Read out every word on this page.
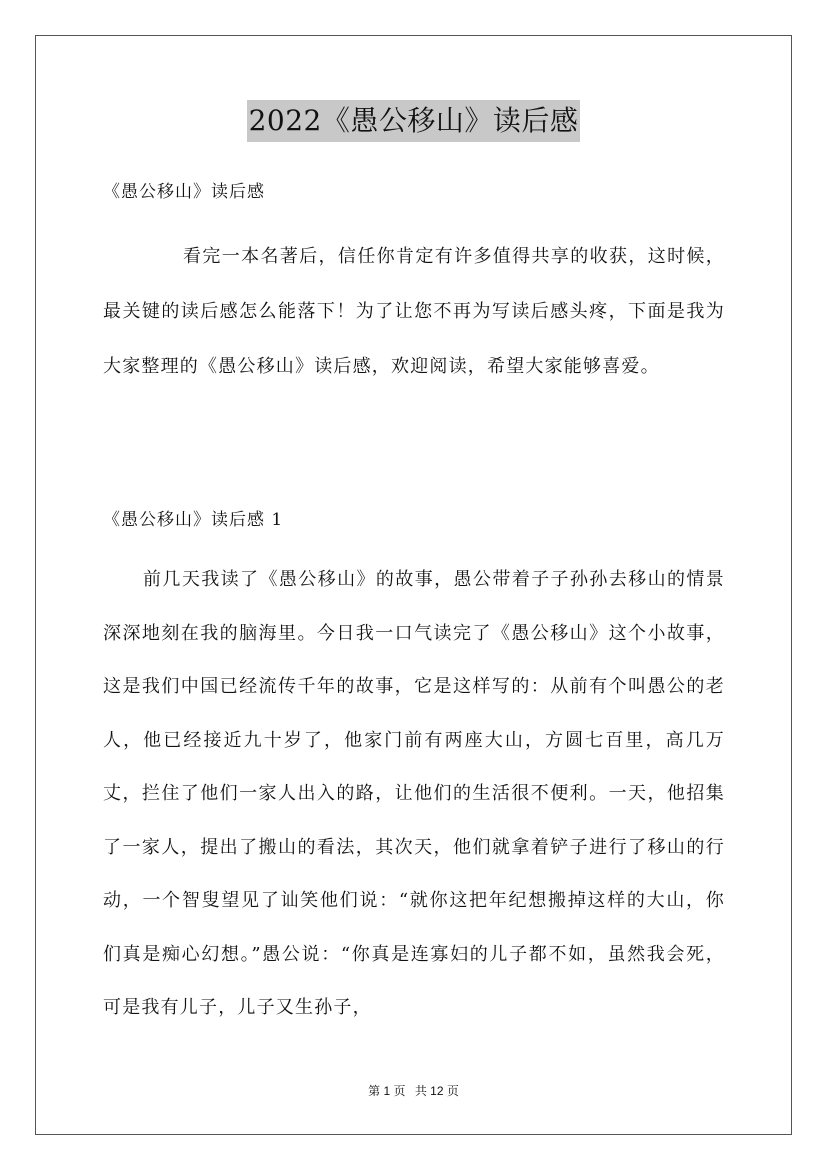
2022《愚公移山》读后感
《愚公移山》读后感

看完一本名著后，信任你肯定有许多值得共享的收获，这时候，最关键的读后感怎么能落下！为了让您不再为写读后感头疼，下面是我为大家整理的《愚公移山》读后感，欢迎阅读，希望大家能够喜爱。

《愚公移山》读后感 1

前几天我读了《愚公移山》的故事，愚公带着子子孙孙去移山的情景深深地刻在我的脑海里。今日我一口气读完了《愚公移山》这个小故事，这是我们中国已经流传千年的故事，它是这样写的：从前有个叫愚公的老人，他已经接近九十岁了，他家门前有两座大山，方圆七百里，高几万丈，拦住了他们一家人出入的路，让他们的生活很不便利。一天，他招集了一家人，提出了搬山的看法，其次天，他们就拿着铲子进行了移山的行动，一个智叟望见了讪笑他们说：“就你这把年纪想搬掉这样的大山，你们真是痴心幻想。”愚公说：“你真是连寡妇的儿子都不如，虽然我会死，可是我有儿子，儿子又生孙子，

第 1 页 共 12 页
